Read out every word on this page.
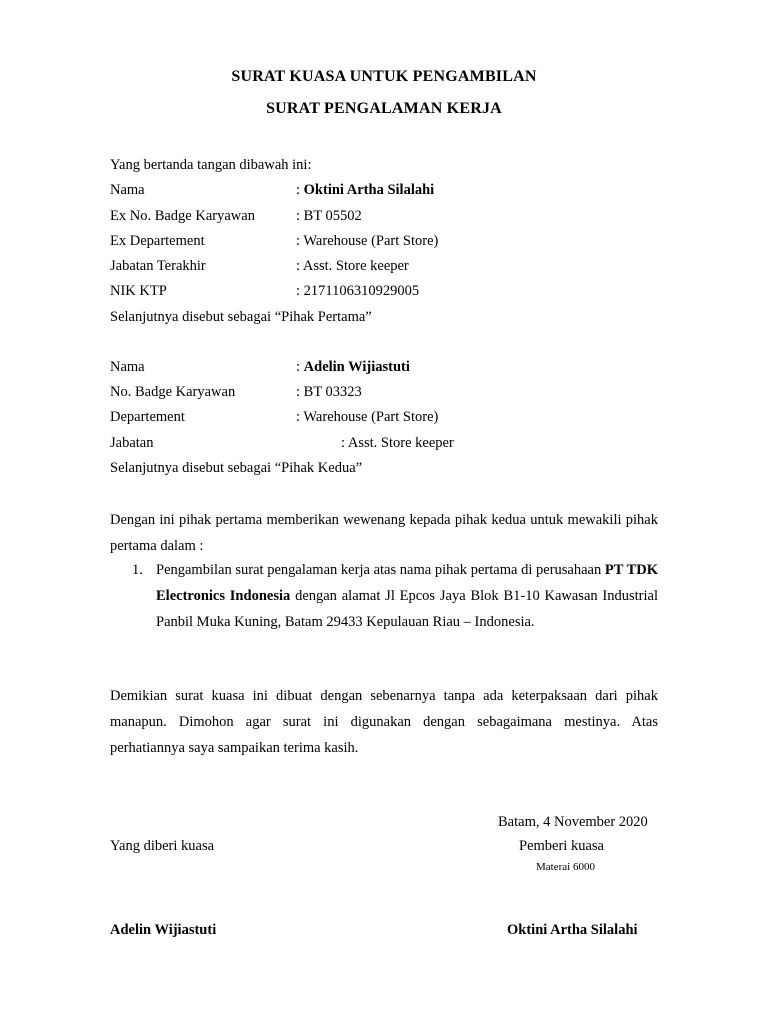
SURAT KUASA UNTUK PENGAMBILAN
SURAT PENGALAMAN KERJA
Yang bertanda tangan dibawah ini:
Nama	: Oktini Artha Silalahi
Ex No. Badge Karyawan	: BT 05502
Ex Departement	: Warehouse (Part Store)
Jabatan Terakhir	: Asst. Store keeper
NIK KTP	: 2171106310929005
Selanjutnya disebut sebagai “Pihak Pertama”
Nama	: Adelin Wijiastuti
No. Badge Karyawan	: BT 03323
Departement	: Warehouse (Part Store)
Jabatan	: Asst. Store keeper
Selanjutnya disebut sebagai “Pihak Kedua”
Dengan ini pihak pertama memberikan wewenang kepada pihak kedua untuk mewakili pihak pertama dalam :
1. Pengambilan surat pengalaman kerja atas nama pihak pertama di perusahaan PT TDK Electronics Indonesia dengan alamat Jl Epcos Jaya Blok B1-10 Kawasan Industrial Panbil Muka Kuning, Batam 29433 Kepulauan Riau – Indonesia.
Demikian surat kuasa ini dibuat dengan sebenarnya tanpa ada keterpaksaan dari pihak manapun. Dimohon agar surat ini digunakan dengan sebagaimana mestinya. Atas perhatiannya saya sampaikan terima kasih.
Batam, 4 November 2020
Yang diberi kuasa	Pemberi kuasa
Materai 6000
Adelin Wijiastuti	Oktini Artha Silalahi
